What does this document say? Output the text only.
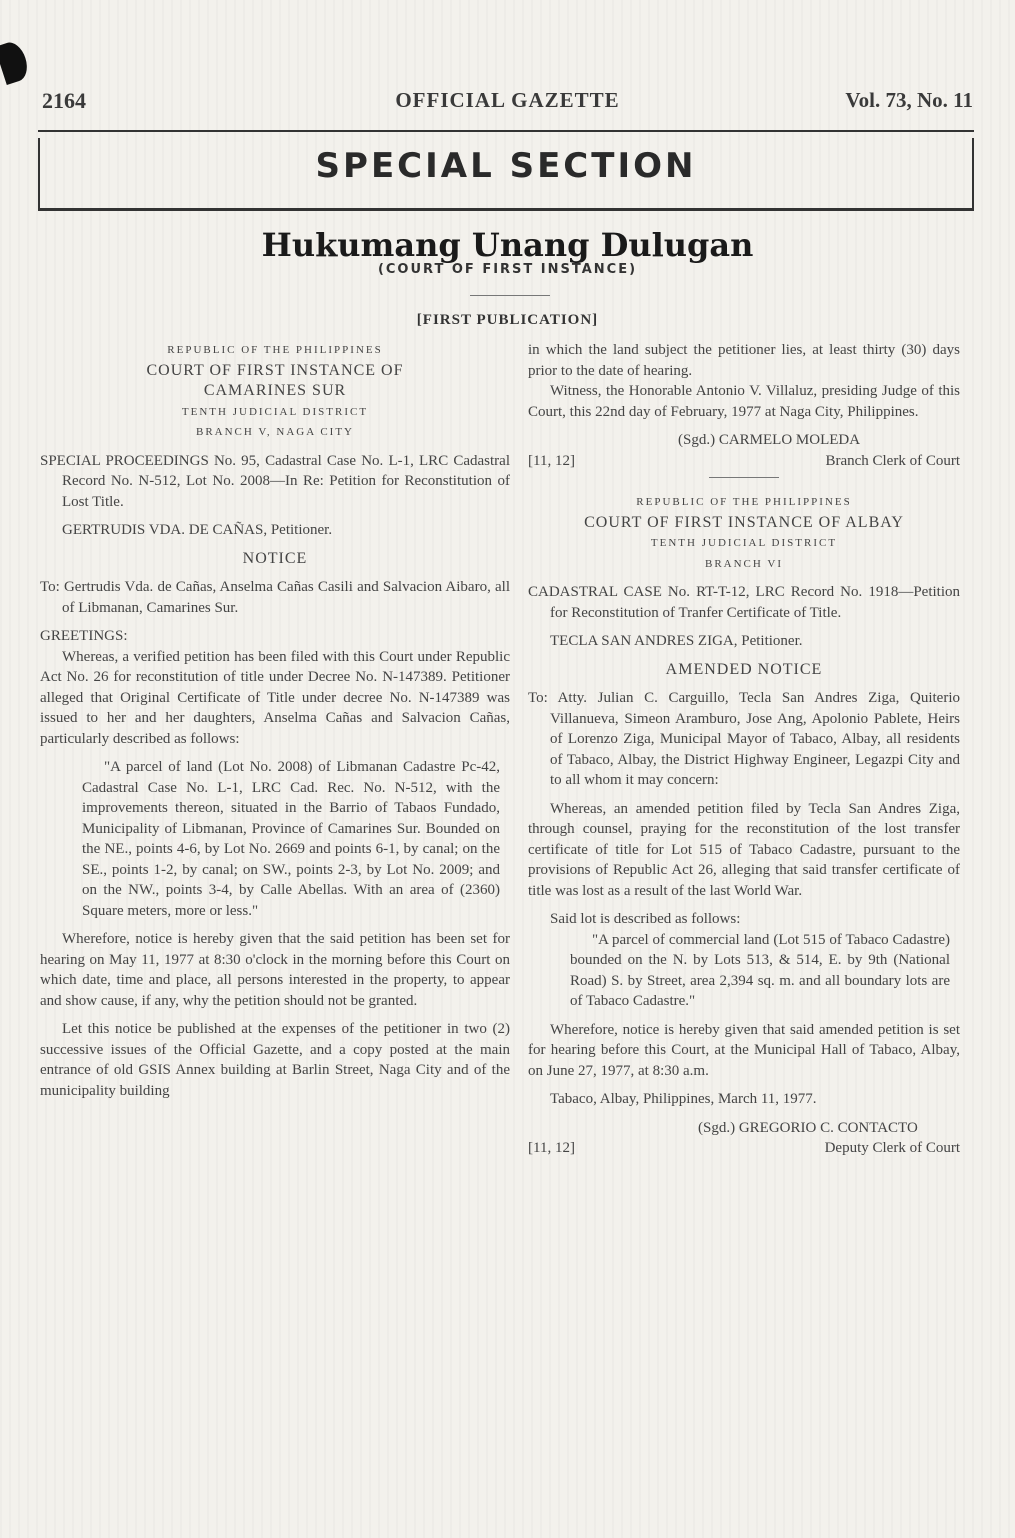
2164	OFFICIAL GAZETTE	Vol. 73, No. 11
SPECIAL SECTION
Hukumang Unang Dulugan
(COURT OF FIRST INSTANCE)
[FIRST PUBLICATION]

REPUBLIC OF THE PHILIPPINES

COURT OF FIRST INSTANCE OF

CAMARINES SUR

TENTH JUDICIAL DISTRICT

BRANCH V, NAGA CITY

SPECIAL PROCEEDINGS No. 95, Cadastral Case No. L-1, LRC Cadastral Record No. N-512, Lot No. 2008—In Re: Petition for Reconstitution of Lost Title.

GERTRUDIS VDA. DE CAÑAS, Petitioner.

NOTICE

To: Gertrudis Vda. de Cañas, Anselma Cañas Casili and Salvacion Aibaro, all of Libmanan, Camarines Sur.

GREETINGS:

Whereas, a verified petition has been filed with this Court under Republic Act No. 26 for reconstitution of title under Decree No. N-147389. Petitioner alleged that Original Certificate of Title under decree No. N-147389 was issued to her and her daughters, Anselma Cañas and Salvacion Cañas, particularly described as follows:

"A parcel of land (Lot No. 2008) of Libmanan Cadastre Pc-42, Cadastral Case No. L-1, LRC Cad. Rec. No. N-512, with the improvements thereon, situated in the Barrio of Tabaos Fundado, Municipality of Libmanan, Province of Camarines Sur. Bounded on the NE., points 4-6, by Lot No. 2669 and points 6-1, by canal; on the SE., points 1-2, by canal; on SW., points 2-3, by Lot No. 2009; and on the NW., points 3-4, by Calle Abellas. With an area of (2360) Square meters, more or less."

Wherefore, notice is hereby given that the said petition has been set for hearing on May 11, 1977 at 8:30 o'clock in the morning before this Court on which date, time and place, all persons interested in the property, to appear and show cause, if any, why the petition should not be granted.

Let this notice be published at the expenses of the petitioner in two (2) successive issues of the Official Gazette, and a copy posted at the main entrance of old GSIS Annex building at Barlin Street, Naga City and of the municipality building

in which the land subject the petitioner lies, at least thirty (30) days prior to the date of hearing.

Witness, the Honorable Antonio V. Villaluz, presiding Judge of this Court, this 22nd day of February, 1977 at Naga City, Philippines.

(Sgd.) CARMELO MOLEDA

[11, 12]	Branch Clerk of Court

REPUBLIC OF THE PHILIPPINES

COURT OF FIRST INSTANCE OF ALBAY

TENTH JUDICIAL DISTRICT

BRANCH VI

CADASTRAL CASE No. RT-T-12, LRC Record No. 1918—Petition for Reconstitution of Tranfer Certificate of Title.

TECLA SAN ANDRES ZIGA, Petitioner.

AMENDED NOTICE

To: Atty. Julian C. Carguillo, Tecla San Andres Ziga, Quiterio Villanueva, Simeon Aramburo, Jose Ang, Apolonio Pablete, Heirs of Lorenzo Ziga, Municipal Mayor of Tabaco, Albay, all residents of Tabaco, Albay, the District Highway Engineer, Legazpi City and to all whom it may concern:

Whereas, an amended petition filed by Tecla San Andres Ziga, through counsel, praying for the reconstitution of the lost transfer certificate of title for Lot 515 of Tabaco Cadastre, pursuant to the provisions of Republic Act 26, alleging that said transfer certificate of title was lost as a result of the last World War.

Said lot is described as follows:

"A parcel of commercial land (Lot 515 of Tabaco Cadastre) bounded on the N. by Lots 513, & 514, E. by 9th (National Road) S. by Street, area 2,394 sq. m. and all boundary lots are of Tabaco Cadastre."

Wherefore, notice is hereby given that said amended petition is set for hearing before this Court, at the Municipal Hall of Tabaco, Albay, on June 27, 1977, at 8:30 a.m.

Tabaco, Albay, Philippines, March 11, 1977.

(Sgd.) GREGORIO C. CONTACTO

[11, 12]	Deputy Clerk of Court
